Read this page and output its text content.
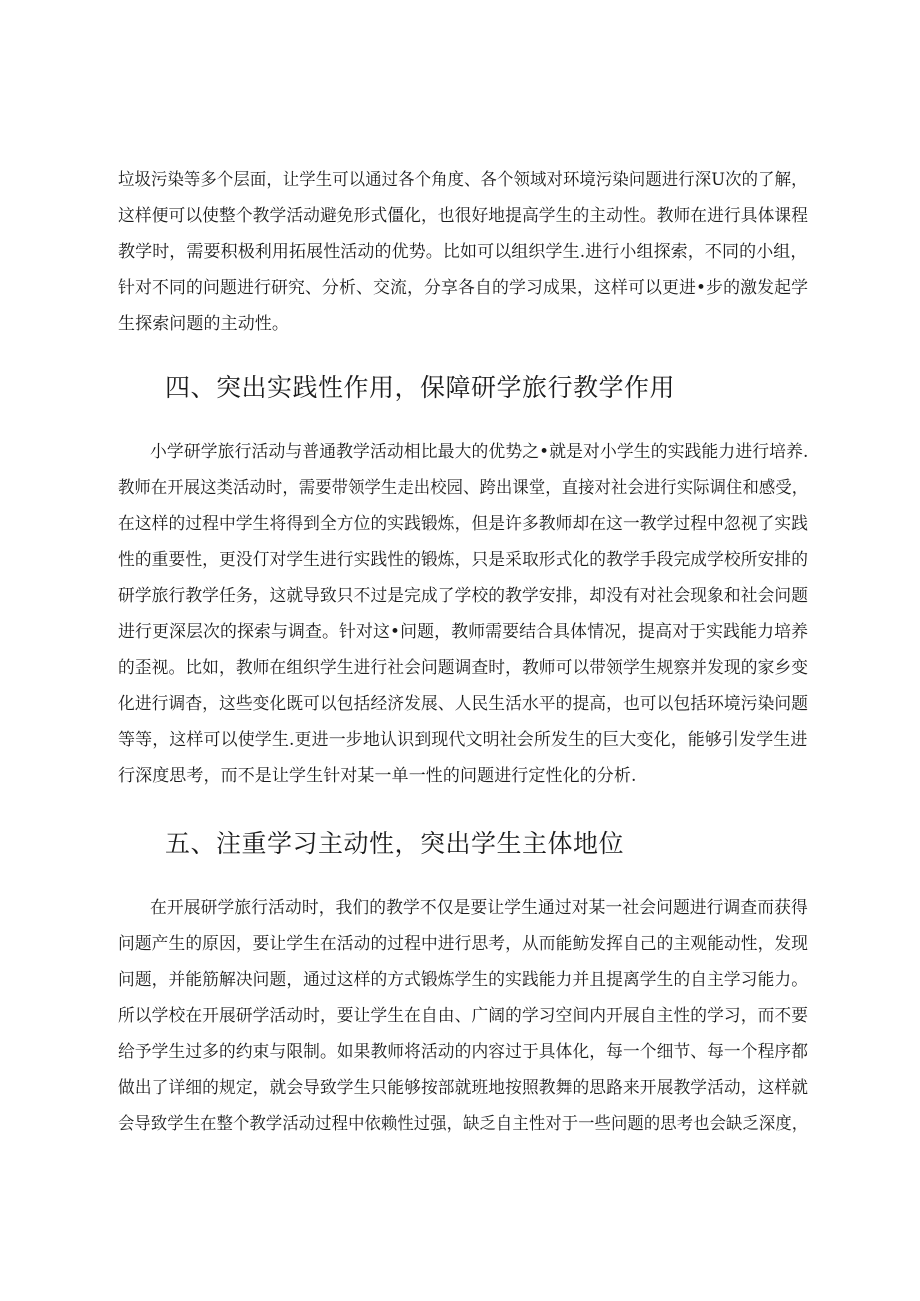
垃圾污染等多个层面，让学生可以通过各个角度、各个领域对环境污染问题进行深U次的了解，
这样便可以使整个教学活动避免形式僵化，也很好地提高学生的主动性。教师在进行具体课程
教学时，需要积极利用拓展性活动的优势。比如可以组织学生.进行小组探索，不同的小组，
针对不同的问题进行研究、分析、交流，分享各自的学习成果，这样可以更进•步的激发起学
生探索问题的主动性。
四、突出实践性作用，保障研学旅行教学作用
小学研学旅行活动与普通教学活动相比最大的优势之•就是对小学生的实践能力进行培养.
教师在开展这类活动时，需要带领学生走出校园、跨出课堂，直接对社会进行实际调住和感受，
在这样的过程中学生将得到全方位的实践锻炼，但是许多教师却在这一教学过程中忽视了实践
性的重要性，更没仃对学生进行实践性的锻炼，只是采取形式化的教学手段完成学校所安排的
研学旅行教学任务，这就导致只不过是完成了学校的教学安排，却没有对社会现象和社会问题
进行更深层次的探索与调查。针对这•问题，教师需要结合具体情况，提高对于实践能力培养
的歪视。比如，教师在组织学生进行社会问题调查时，教师可以带领学生规察并发现的家乡变
化进行调杳，这些变化既可以包括经济发展、人民生活水平的提高，也可以包括环境污染问题
等等，这样可以使学生.更进一步地认识到现代文明社会所发生的巨大变化，能够引发学生进
行深度思考，而不是让学生针对某一单一性的问题进行定性化的分析.
五、注重学习主动性，突出学生主体地位
在开展研学旅行活动时，我们的教学不仅是要让学生通过对某一社会问题进行调查而获得
问题产生的原因，要让学生在活动的过程中进行思考，从而能鲂发挥自己的主观能动性，发现
问题，并能筋解决问题，通过这样的方式锻炼学生的实践能力并且提离学生的自主学习能力。
所以学校在开展研学活动时，要让学生在自由、广阔的学习空间内开展自主性的学习，而不要
给予学生过多的约束与限制。如果教师将活动的内容过于具体化，每一个细节、每一个程序都
做出了详细的规定，就会导致学生只能够按部就班地按照教舞的思路来开展教学活动，这样就
会导致学生在整个教学活动过程中依赖性过强，缺乏自主性对于一些问题的思考也会缺乏深度，
